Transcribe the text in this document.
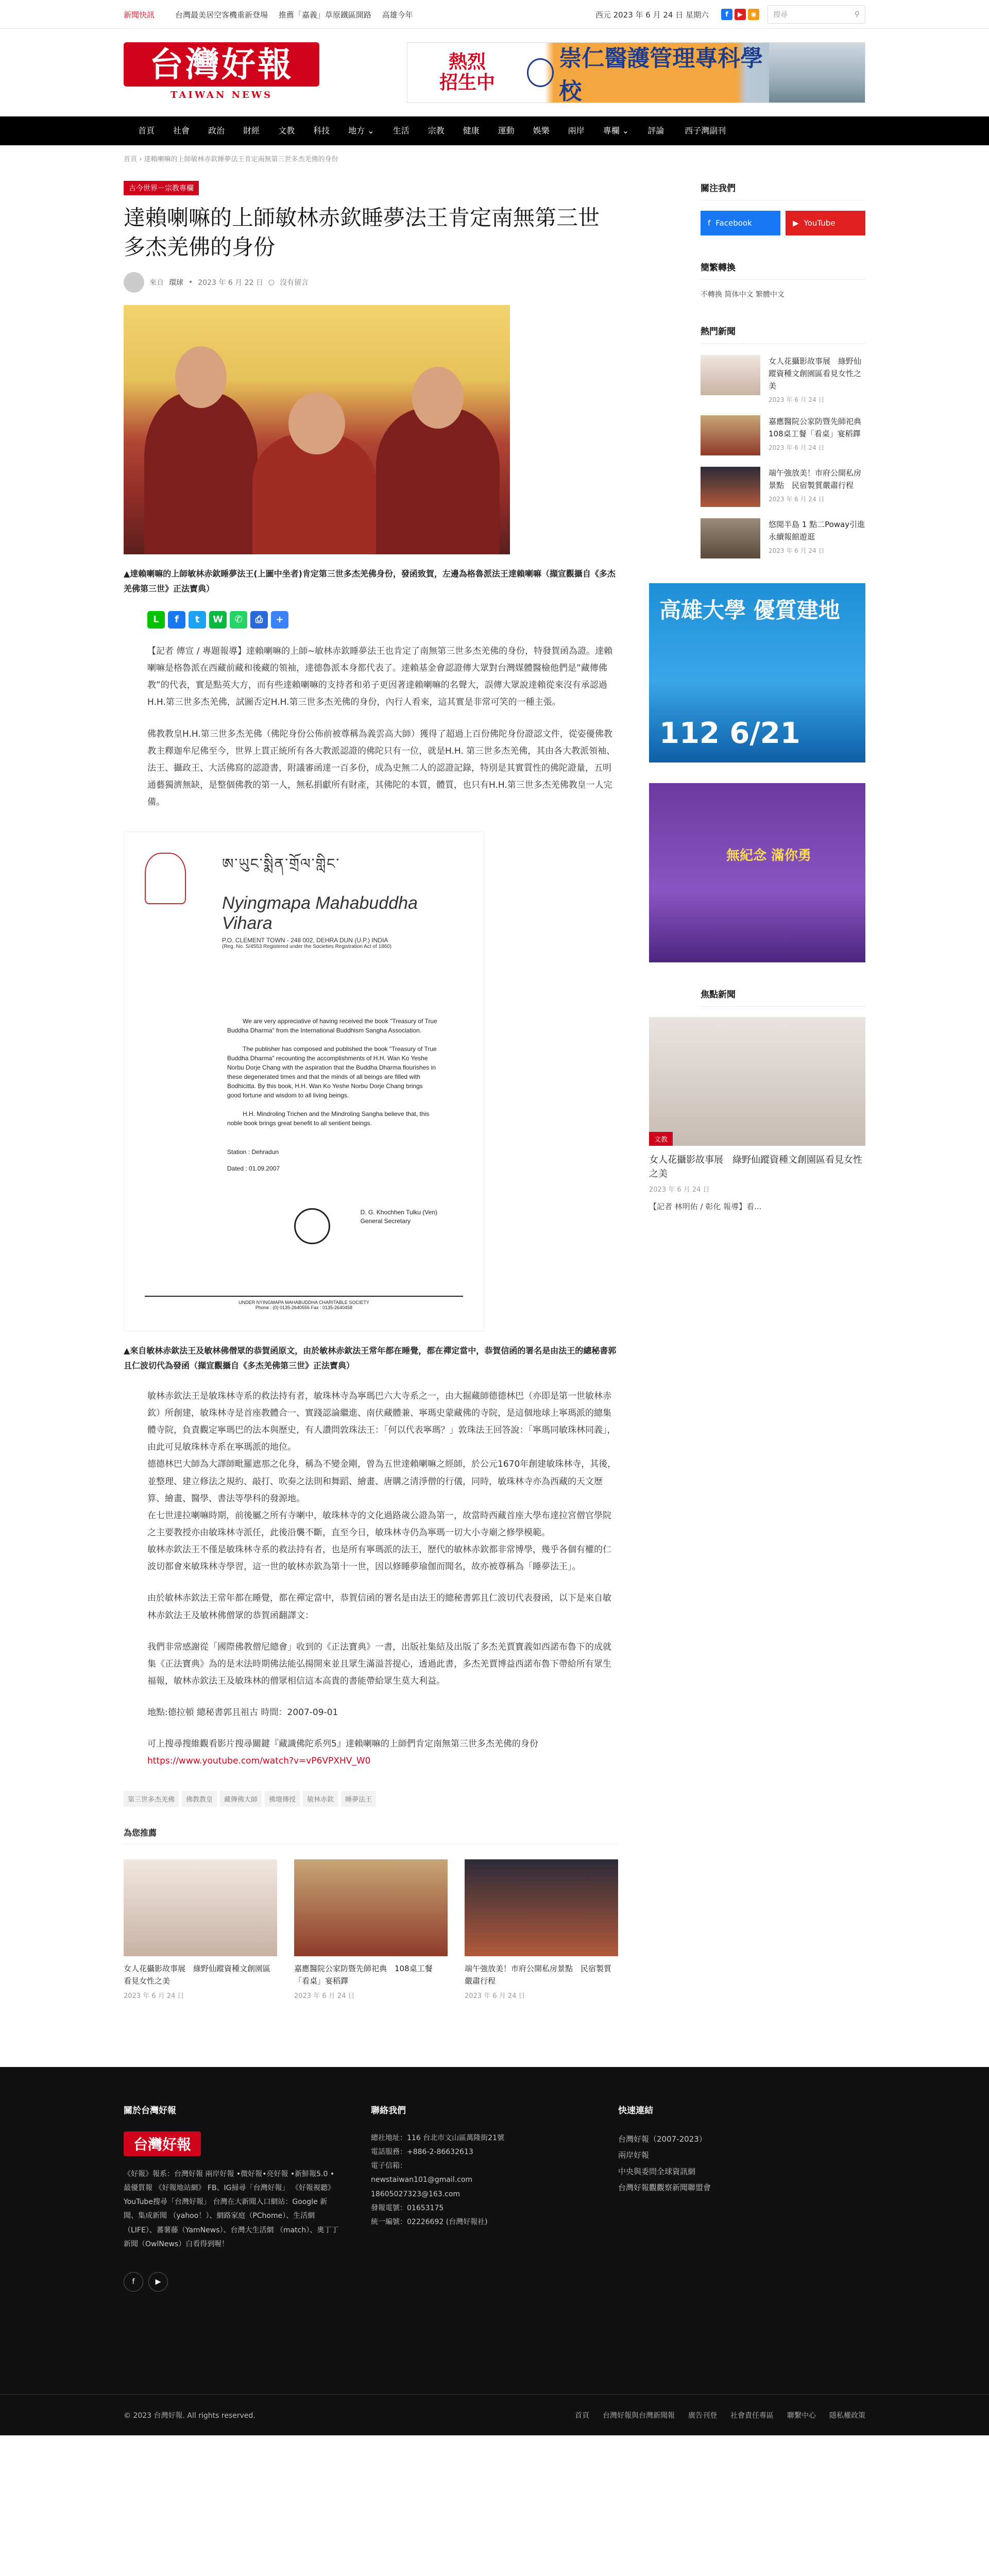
新聞快訊	台灣最美居空客機重新登場 推薦「嘉義」草原鐵區開路 高雄今年	西元 2023 年 6 月 24 日 星期六	f	▶	◉	搜尋	⚲
台灣好報
TAIWAN NEWS
熱烈
招生中
崇仁醫護管理專科學校
首頁	社會	政治	財經	文教	科技	地方 ⌄	生活	宗教	健康	運動	娛樂	兩岸	專欄 ⌄	評論	西子灣副刊
首頁 › 達賴喇嘛的上師敏林赤欽睡夢法王肯定南無第三世多杰羌佛的身份
古今世界－宗教專欄
達賴喇嘛的上師敏林赤欽睡夢法王肯定南無第三世多杰羌佛的身份
來自 環球 • 2023 年 6 月 22 日 ○ 沒有留言
▲達賴喇嘛的上師敏林赤欽睡夢法王(上圖中坐者)肯定第三世多杰羌佛身份，發函致賀，左邊為格魯派法王達賴喇嘛（擷宣觀攝自《多杰羌佛第三世》正法寶典）
L	f	t	W	✆	⎙	+
【記者 傳宣 / 專題報導】達賴喇嘛的上師~敏林赤欽睡夢法王也肯定了南無第三世多杰羌佛的身份，特發賀函為證。達賴喇嘛是格魯派在西藏前藏和後藏的領袖，達德魯派本身都代表了。達賴基金會認證傳大眾對台灣媒體醫檢他們是”藏傳佛教”的代表，實是點英大方，而有些達賴喇嘛的支持者和弟子更因著達賴喇嘛的名聲大，誤傳大眾說達賴從來沒有承認過H.H.第三世多杰羌佛，試圖否定H.H.第三世多杰羌佛的身份，內行人看來，這其實是非常可笑的一種主張。
佛教教皇H.H.第三世多杰羌佛（佛陀身份公佈前被尊稱為義雲高大師）獲得了超過上百份佛陀身份證認文件，從姿優佛教教主釋迦牟尼佛至今，世界上貫正統所有各大教派認證的佛陀只有一位，就是H.H. 第三世多杰羌佛，其由各大教派領袖、法王、攝政王、大活佛寫的認證書，附議審函達一百多份，成為史無二人的認證記錄，特別是其實質性的佛陀證量，五明通藝獨濟無缺，是整個佛教的第一人，無私捐獻所有財產，其佛陀的本質，體質，也只有H.H.第三世多杰羌佛教皇一人完備。
ཨ་ཡུང་སྨིན་གྲོལ་གླིང་
Nyingmapa Mahabuddha Vihara
P.O. CLEMENT TOWN - 248 002, DEHRA DUN (U.P.) INDIA
(Reg. No. S/4553 Registered under the Societies Registration Act of 1860)

We are very appreciative of having received the book "Treasury of True Buddha Dharma" from the International Buddhism Sangha Association.

The publisher has composed and published the book "Treasury of True Buddha Dharma" recounting the accomplishments of H.H. Wan Ko Yeshe Norbu Dorje Chang with the aspiration that the Buddha Dharma flourishes in these degenerated times and that the minds of all beings are filled with Bodhicitta. By this book, H.H. Wan Ko Yeshe Norbu Dorje Chang brings good fortune and wisdom to all living beings.

H.H. Mindroling Trichen and the Mindroling Sangha believe that, this noble book brings great benefit to all sentient beings.

Station : Dehradun
Dated : 01.09.2007
D. G. Khochhen Tulku (Ven)
General Secretary
UNDER NYINGMAPA MAHABUDDHA CHARITABLE SOCIETY
Phone : (0) 0135-2640556 Fax : 0135-2640458
▲來自敏林赤欽法王及敏林佛僧眾的恭賀函原文，由於敏林赤欽法王常年都在睡覺，都在禪定當中，恭賀信函的署名是由法王的總秘書郭且仁波切代為發函（擷宣觀攝自《多杰羌佛第三世》正法寶典）

敏林赤欽法王是敏珠林寺系的救法持有者，敏珠林寺為寧瑪巴六大寺系之一，由大掘藏師德德林巴（亦即是第一世敏林赤欽）所創建，敏珠林寺是首座教體合一、實踐認論繼進、南伏藏體兼、寧瑪史蒙藏佛的寺院，是這個地球上寧瑪派的總集體寺院，負責觀定寧瑪巴的法本與歷史，有人讚問敦珠法王：「何以代表寧瑪？」敦珠法王回答說：「寧瑪同敏珠林同義」，由此可見敏珠林寺系在寧瑪派的地位。

德德林巴大師為大譯師毗羅遮那之化身，稱為不變金剛，曾為五世達賴喇嘛之經師，於公元1670年創建敏珠林寺，其後，並整理、建立修法之規約、敲打、吹奏之法則和舞蹈、繪畫、唐購之清淨僧的行儀，同時，敏珠林寺亦為西藏的天文歷算、繪畫、醫學、書法等學科的發源地。

在七世達拉喇嘛時期，前後屬之所有寺喇中，敏珠林寺的文化過路歲公證為第一，故當時西藏首座大學布達拉宮僧官學院之主要教授亦由敏珠林寺派任，此後沿襲不斷，直至今日，敏珠林寺仍為寧瑪一切大小寺廟之修學模範。

敏林赤欽法王不僅是敏珠林寺系的救法持有者，也是所有寧瑪派的法王，歷代的敏林赤欽都非常博學，幾乎各個有權的仁波切都會來敏珠林寺學習，這一世的敏林赤欽為第十一世，因以修睡夢瑜伽而聞名，故亦被尊稱為「睡夢法王」。

由於敏林赤欽法王常年都在睡覺，都在禪定當中，恭賀信函的署名是由法王的總秘書郭且仁波切代表發函，以下是來自敏林赤欽法王及敏林佛僧眾的恭賀函翻譯文：
我們非常感謝從「國際佛教僧尼總會」收到的《正法寶典》一書，出版社集結及出版了多杰羌賈寶義如西諾布魯下的成就集《正法寶典》為的是末法時期佛法能弘揚開來並且眾生滿溢菩提心，透過此書，多杰羌賈博益西諾布魯下帶給所有眾生福報，敏林赤欽法王及敏珠林的僧眾相信這本高貴的書能帶給眾生莫大利益。
地點:德拉頓 總秘書郭且祖古 時間：2007-09-01
可上搜尋搜維觀看影片搜尋關鍵『藏識佛陀系列5』達賴喇嘛的上師們肯定南無第三世多杰羌佛的身份https://www.youtube.com/watch?v=vP6VPXHV_W0
第三世多杰羌佛	佛教教皇	藏傳佛大師	佛壇傳授	敏林赤欽	睡夢法王
為您推薦
女人花攝影故事展　綠野仙蹤資種文創園區看見女性之美
2023 年 6 月 24 日
嘉應醫院公家防暨先師祀典　108桌工餐「看桌」宴稻鐸
2023 年 6 月 24 日
端午強放美！市府公開私房景點　民宿製質嚴肅行程
2023 年 6 月 24 日
關注我們
f Facebook	▶ YouTube
簡繁轉換
不轉換 简体中文 繁體中文
熱門新聞
女人花攝影故事展　綠野仙蹤資種文創園區看見女性之美
2023 年 6 月 24 日
嘉應醫院公家防暨先師祀典　108桌工餐「看桌」宴稻鐸
2023 年 6 月 24 日
端午強放美！市府公開私房景點　民宿製質嚴肅行程
2023 年 6 月 24 日
悠閒半島 1 點二Poway引進永續報館遊逛
2023 年 6 月 24 日
高雄大學 優質建地
112 6/21
無紀念 滿你勇
焦點新聞
文教
女人花攝影故事展　綠野仙蹤資種文創園區看見女性之美
2023 年 6 月 24 日
【記者 林明佑 / 彰化 報導】看...
關於台灣好報
台灣好報
《好報》報系：台灣好報 兩岸好報 •微好報•亮好報 •新鮮報5.0 •最優質報 《好報地站網》 FB、IG掃尋「台灣好報」 《好報視聽》YouTube搜尋「台灣好報」 台灣在大新聞入口網站：Google 新聞、集成新聞 （yahoo！）、網路家庭（PChome）、生活網 （LIFE）、蕃薯藤（YamNews）、台灣大生活網 （match）、奧丁丁新聞（OwlNews）白看得到喔！
f	▶
聯絡我們
總社地址：116 台北市文山區萬隆街21號
電話服務：+886-2-86632613
電子信箱：
newstaiwan101@gmail.com
18605027323@163.com
發報電號：01653175
統一編號：02226692 (台灣好報社)
快速連結
台灣好報（2007-2023）
兩岸好報
中央與委問全球資訊網
台灣好報觀觀察新聞聯盟會
© 2023 台灣好報. All rights reserved.	首頁 台灣好報與台灣新聞報 廣告刊登 社會責任專區 聯繫中心 隱私權政策
